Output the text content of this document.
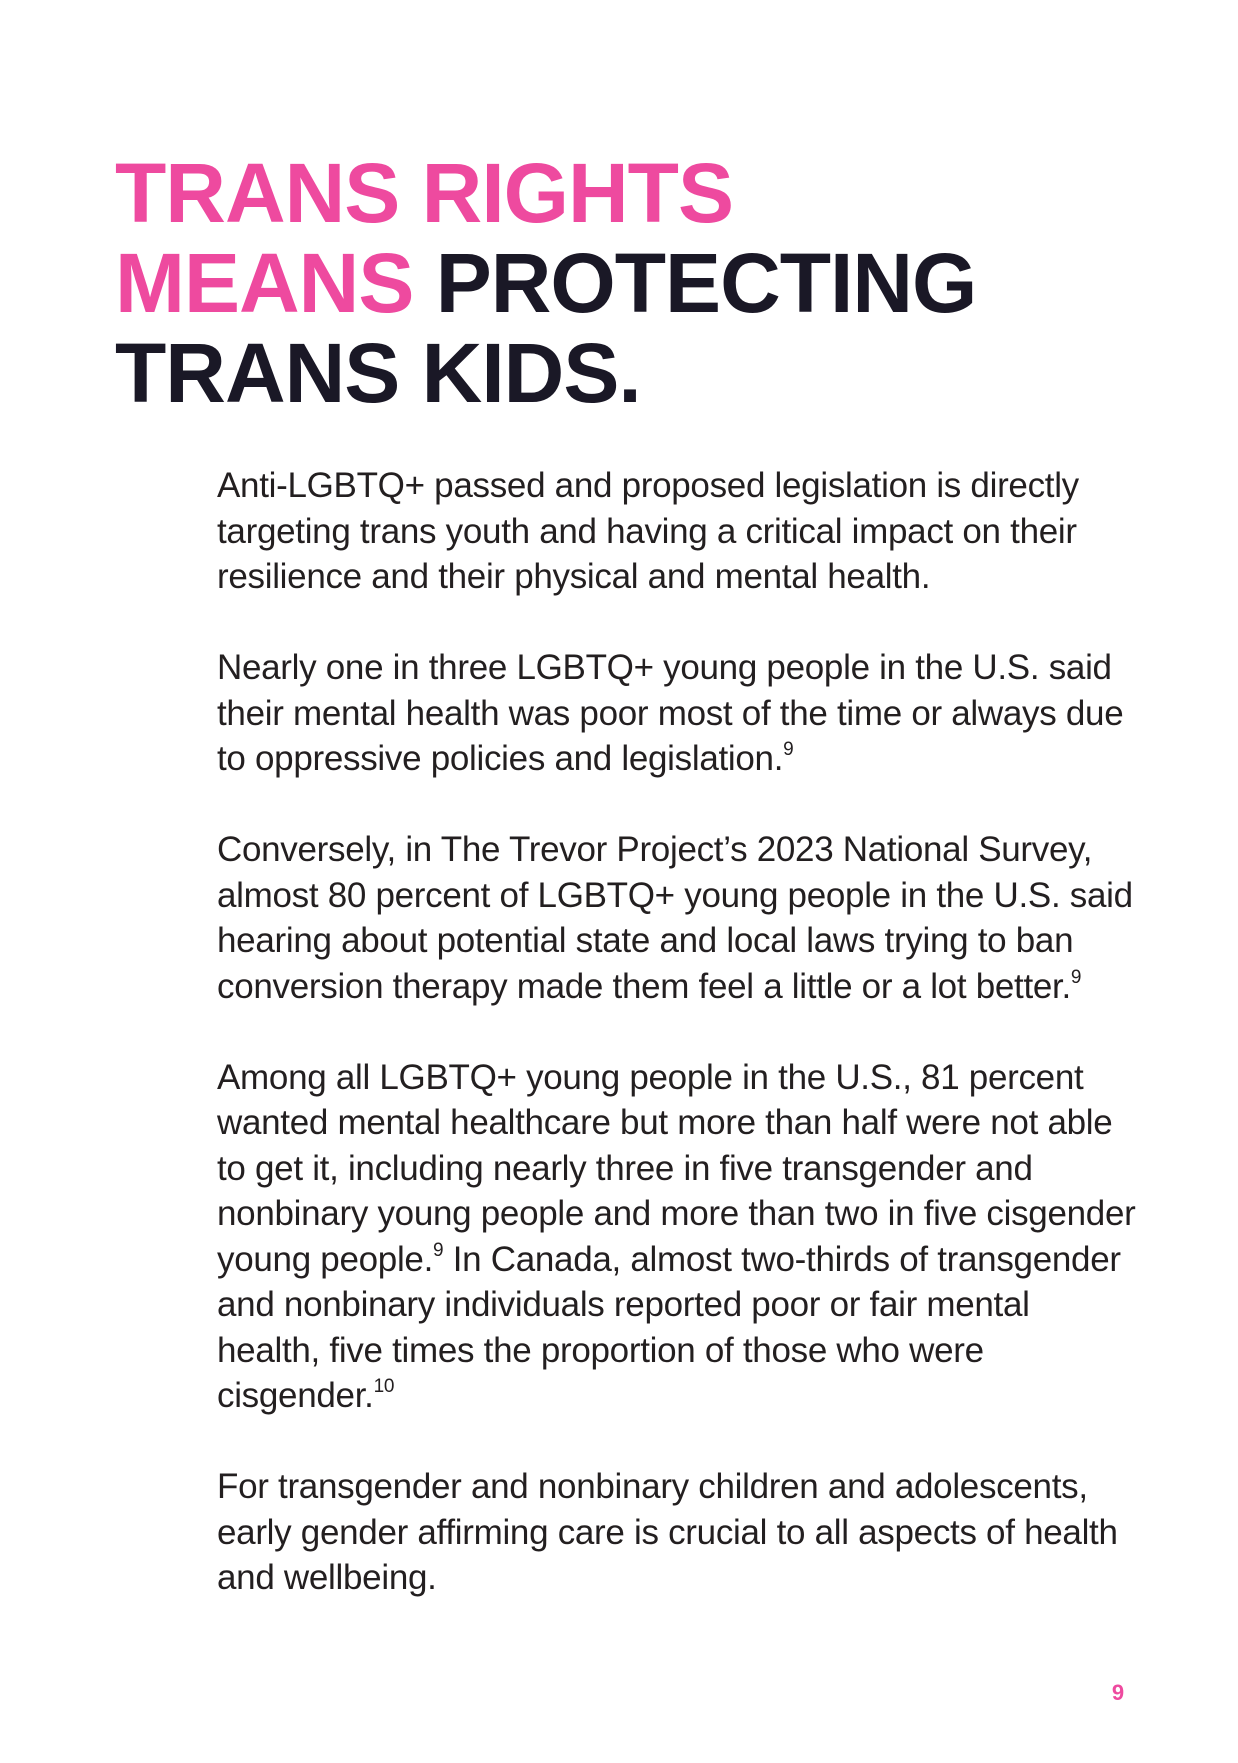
TRANS RIGHTS
MEANS PROTECTING
TRANS KIDS.

Anti-LGBTQ+ passed and proposed legislation is directly targeting trans youth and having a critical impact on their resilience and their physical and mental health.

Nearly one in three LGBTQ+ young people in the U.S. said their mental health was poor most of the time or always due to oppressive policies and legislation.$^9$

Conversely, in The Trevor Project’s 2023 National Survey, almost 80 percent of LGBTQ+ young people in the U.S. said hearing about potential state and local laws trying to ban conversion therapy made them feel a little or a lot better.$^9$

Among all LGBTQ+ young people in the U.S., 81 percent wanted mental healthcare but more than half were not able to get it, including nearly three in five transgender and nonbinary young people and more than two in five cisgender young people.$^9$ In Canada, almost two-thirds of transgender and nonbinary individuals reported poor or fair mental health, five times the proportion of those who were cisgender.$^{10}$

For transgender and nonbinary children and adolescents, early gender affirming care is crucial to all aspects of health and wellbeing.

9
